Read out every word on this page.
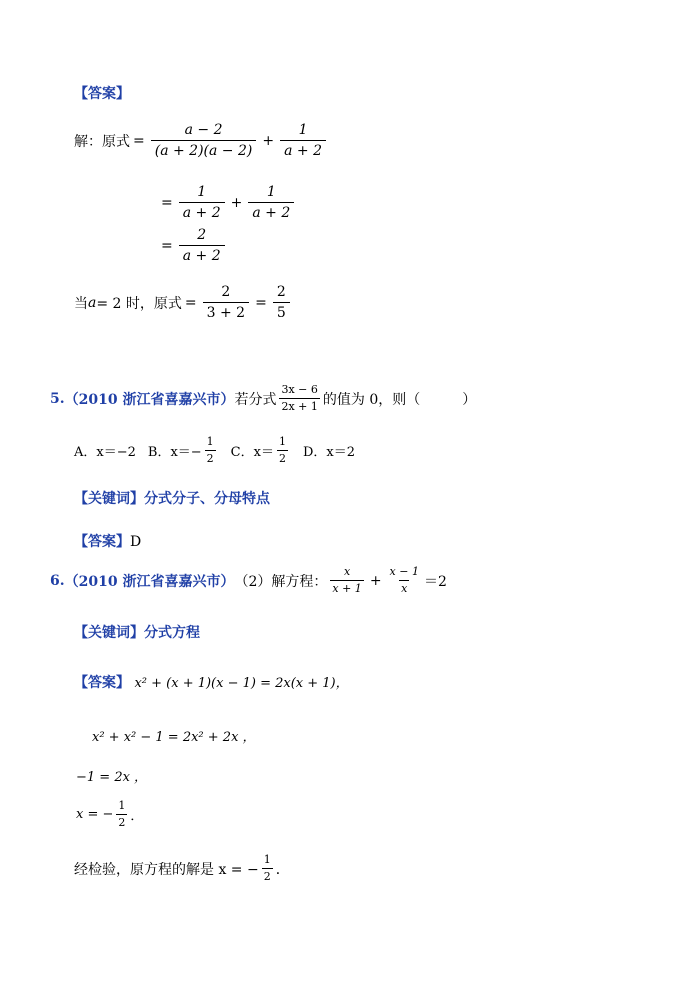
【答案】
解：原式 = $\frac{a - 2}{(a + 2)(a - 2)} + \frac{1}{a + 2}$
= $\frac{1}{a + 2} + \frac{1}{a + 2}$
= $\frac{2}{a + 2}$
当 a = 2 时，原式 = $\frac{2}{3 + 2} = \frac{2}{5}$
5. （2010 浙江省喜嘉兴市） 若分式 $\frac{3x - 6}{2x + 1}$ 的值为 0，则（　　　）
A．x＝−2 B．$x=- \frac{1}{2}$ C．$x= \frac{1}{2}$ D．x＝2
【关键词】分式分子、分母特点
【答案】D
6. （2010 浙江省喜嘉兴市） （2）解方程： $\frac{x}{x + 1} + \frac{x - 1}{x} =2$
【关键词】分式方程
【答案】 x² + (x + 1)(x − 1) = 2x(x + 1)，
x² + x² − 1 = 2x² + 2x ，
−1 = 2x ，
x = − $\frac{1}{2}$ ．
经检验，原方程的解是 x = − $\frac{1}{2}$ ．
